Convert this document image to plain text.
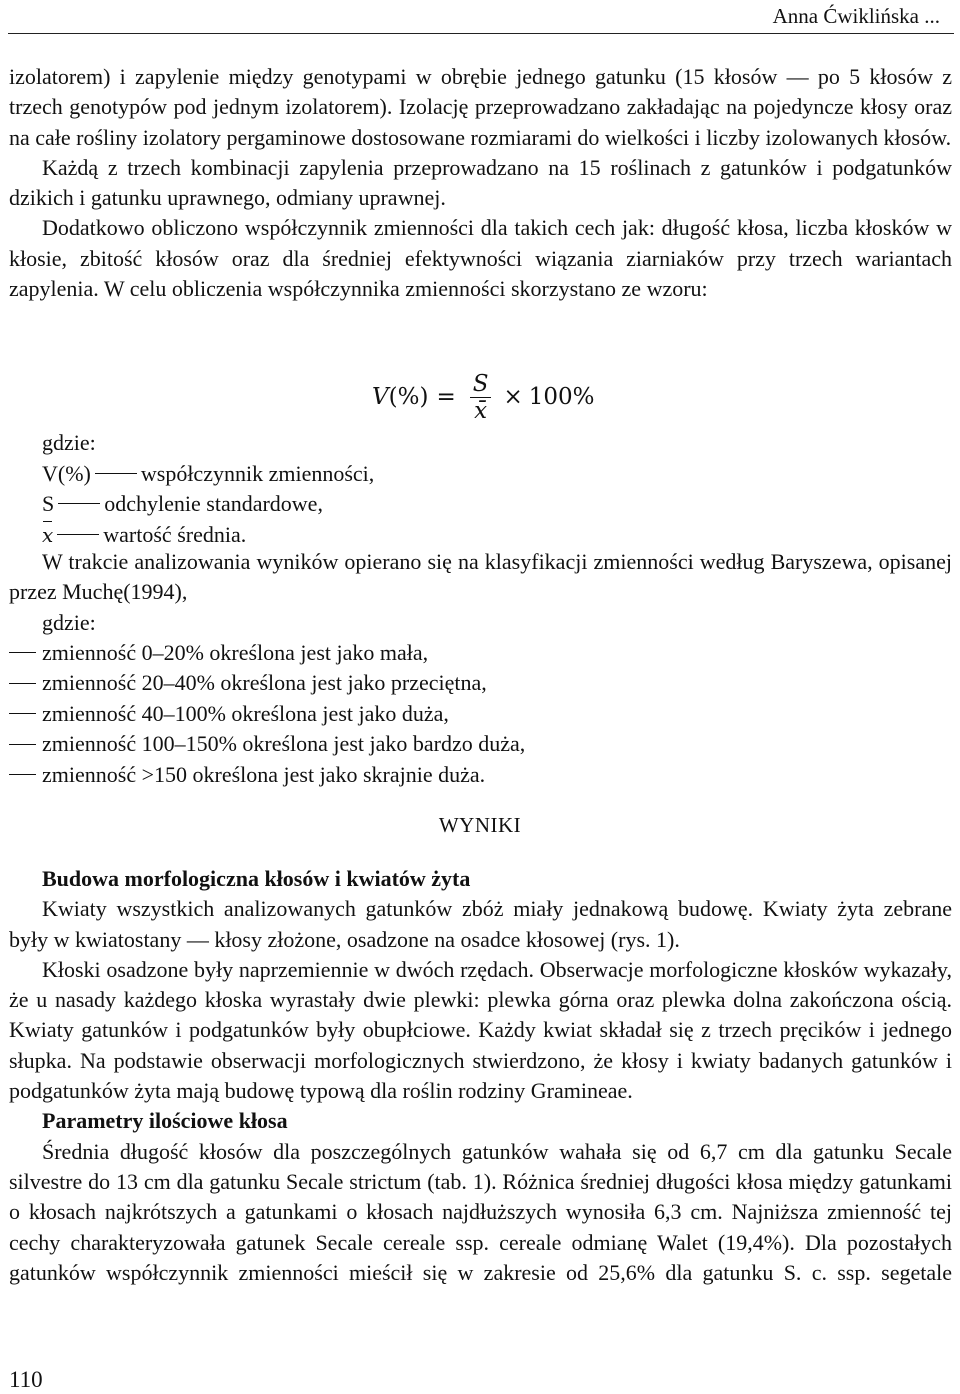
Anna Ćwiklińska ...

izolatorem) i zapylenie między genotypami w obrębie jednego gatunku (15 kłosów — po 5 kłosów z trzech genotypów pod jednym izolatorem). Izolację przeprowadzano zakładając na pojedyncze kłosy oraz na całe rośliny izolatory pergaminowe dostosowane rozmiarami do wielkości i liczby izolowanych kłosów.

Każdą z trzech kombinacji zapylenia przeprowadzano na 15 roślinach z gatunków i podgatunków dzikich i gatunku uprawnego, odmiany uprawnej.

Dodatkowo obliczono współczynnik zmienności dla takich cech jak: długość kłosa, liczba kłosków w kłosie, zbitość kłosów oraz dla średniej efektywności wiązania ziarniaków przy trzech wariantach zapylenia. W celu obliczenia współczynnika zmienności skorzystano ze wzoru:

V (%) = $\frac{S}{x̄} \times 100\%$
gdzie:
V(%) współczynnik zmienności,
S odchylenie standardowe,
x wartość średnia.

W trakcie analizowania wyników opierano się na klasyfikacji zmienności według Baryszewa, opisanej przez Muchę(1994),

gdzie:

zmienność 0–20% określona jest jako mała,
zmienność 20–40% określona jest jako przeciętna,
zmienność 40–100% określona jest jako duża,
zmienność 100–150% określona jest jako bardzo duża,
zmienność >150 określona jest jako skrajnie duża.
WYNIKI

Budowa morfologiczna kłosów i kwiatów żyta

Kwiaty wszystkich analizowanych gatunków zbóż miały jednakową budowę. Kwiaty żyta zebrane były w kwiatostany — kłosy złożone, osadzone na osadce kłosowej (rys. 1).

Kłoski osadzone były naprzemiennie w dwóch rzędach. Obserwacje morfologiczne kłosków wykazały, że u nasady każdego kłoska wyrastały dwie plewki: plewka górna oraz plewka dolna zakończona ością. Kwiaty gatunków i podgatunków były obupłciowe. Każdy kwiat składał się z trzech pręcików i jednego słupka. Na podstawie obserwacji morfologicznych stwierdzono, że kłosy i kwiaty badanych gatunków i podgatunków żyta mają budowę typową dla roślin rodziny Gramineae.

Parametry ilościowe kłosa

Średnia długość kłosów dla poszczególnych gatunków wahała się od 6,7 cm dla gatunku Secale silvestre do 13 cm dla gatunku Secale strictum (tab. 1). Różnica średniej długości kłosa między gatunkami o kłosach najkrótszych a gatunkami o kłosach najdłuższych wynosiła 6,3 cm. Najniższa zmienność tej cechy charakteryzowała gatunek Secale cereale ssp. cereale odmianę Walet (19,4%). Dla pozostałych gatunków współczynnik zmienności mieścił się w zakresie od 25,6% dla gatunku S. c. ssp. segetale

110
